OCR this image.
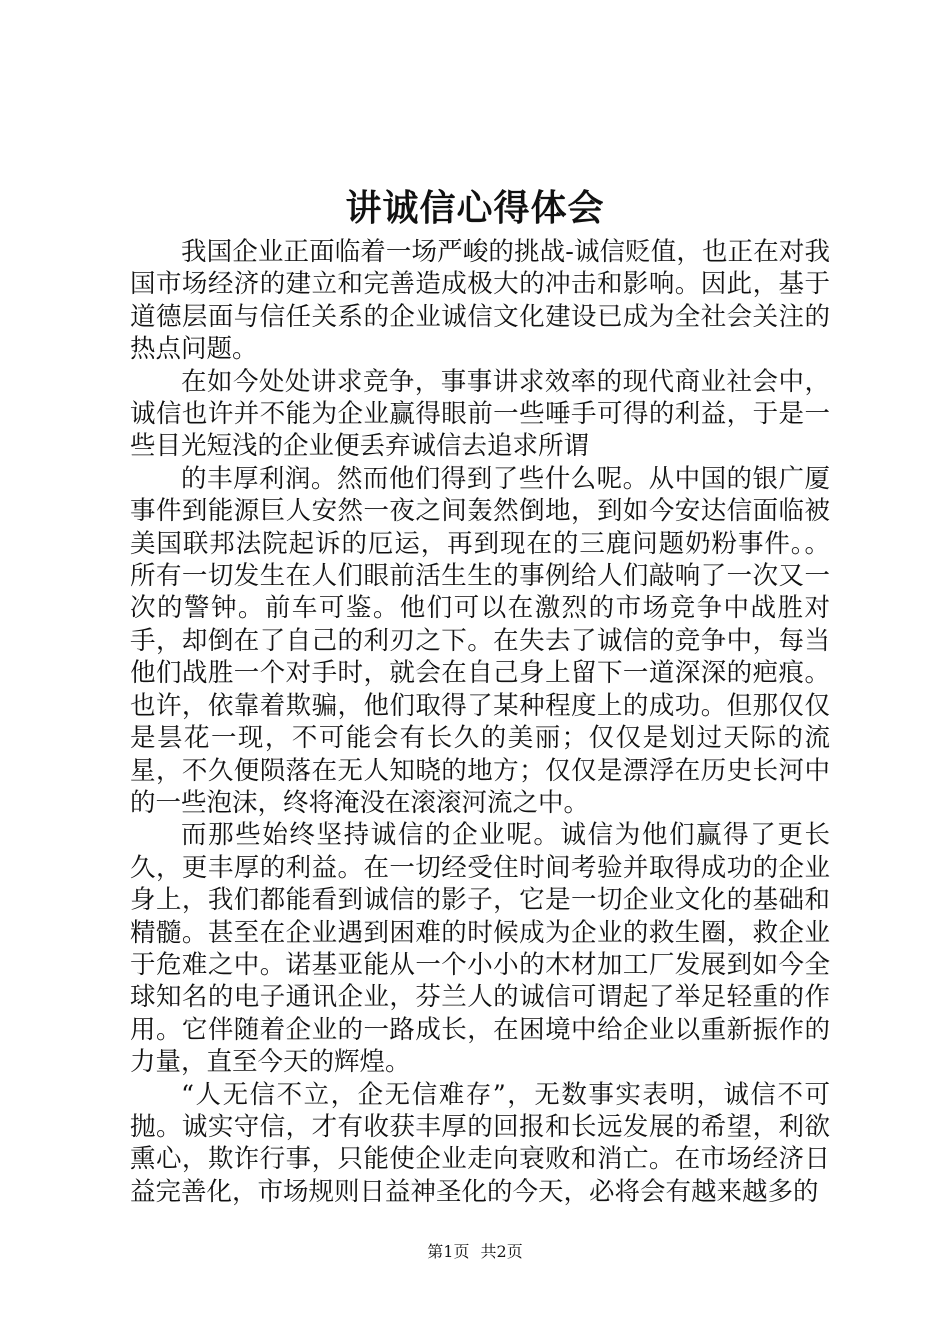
讲诚信心得体会

我国企业正面临着一场严峻的挑战-诚信贬值，也正在对我国市场经济的建立和完善造成极大的冲击和影响。因此，基于道德层面与信任关系的企业诚信文化建设已成为全社会关注的热点问题。

在如今处处讲求竞争，事事讲求效率的现代商业社会中，诚信也许并不能为企业赢得眼前一些唾手可得的利益，于是一些目光短浅的企业便丢弃诚信去追求所谓

的丰厚利润。然而他们得到了些什么呢。从中国的银广厦事件到能源巨人安然一夜之间轰然倒地，到如今安达信面临被美国联邦法院起诉的厄运，再到现在的三鹿问题奶粉事件。。所有一切发生在人们眼前活生生的事例给人们敲响了一次又一次的警钟。前车可鉴。他们可以在激烈的市场竞争中战胜对手，却倒在了自己的利刃之下。在失去了诚信的竞争中，每当他们战胜一个对手时，就会在自己身上留下一道深深的疤痕。也许，依靠着欺骗，他们取得了某种程度上的成功。但那仅仅是昙花一现，不可能会有长久的美丽；仅仅是划过天际的流星，不久便陨落在无人知晓的地方；仅仅是漂浮在历史长河中的一些泡沫，终将淹没在滚滚河流之中。

而那些始终坚持诚信的企业呢。诚信为他们赢得了更长久，更丰厚的利益。在一切经受住时间考验并取得成功的企业身上，我们都能看到诚信的影子，它是一切企业文化的基础和精髓。甚至在企业遇到困难的时候成为企业的救生圈，救企业于危难之中。诺基亚能从一个小小的木材加工厂发展到如今全球知名的电子通讯企业，芬兰人的诚信可谓起了举足轻重的作用。它伴随着企业的一路成长，在困境中给企业以重新振作的力量，直至今天的辉煌。

“人无信不立，企无信难存”，无数事实表明，诚信不可抛。诚实守信，才有收获丰厚的回报和长远发展的希望，利欲熏心，欺诈行事，只能使企业走向衰败和消亡。在市场经济日益完善化，市场规则日益神圣化的今天，必将会有越来越多的

第1页 共2页
